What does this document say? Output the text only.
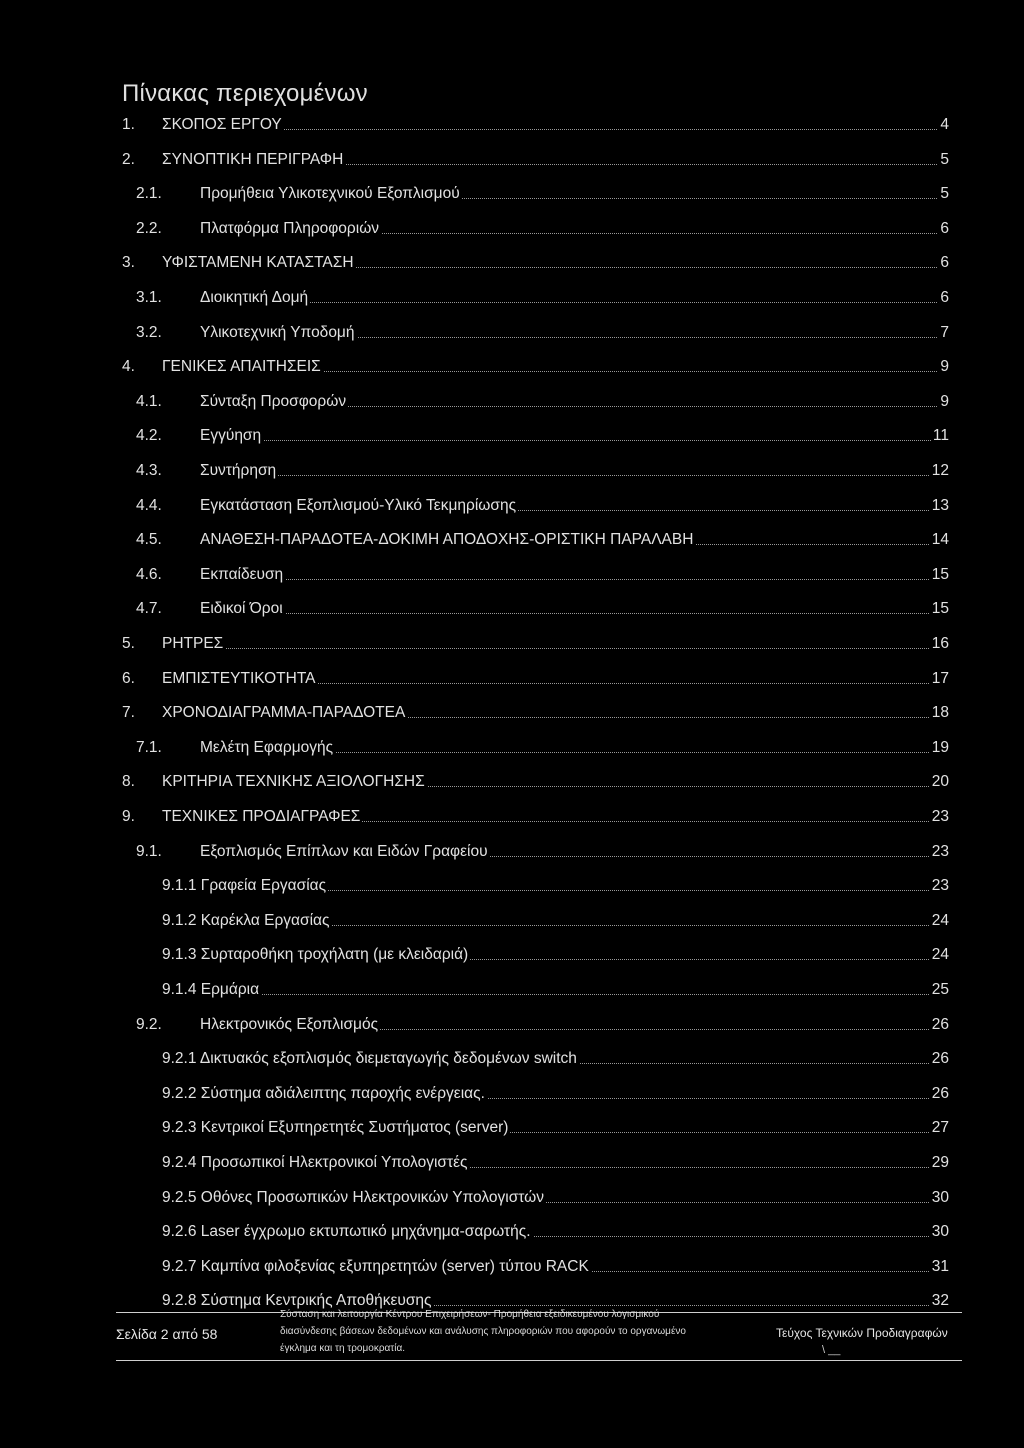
Πίνακας περιεχομένων
1. ΣΚΟΠΟΣ ΕΡΓΟΥ	4
2. ΣΥΝΟΠΤΙΚΗ ΠΕΡΙΓΡΑΦΗ	5
2.1. Προμήθεια Υλικοτεχνικού Εξοπλισμού	5
2.2. Πλατφόρμα Πληροφοριών	6
3. ΥΦΙΣΤΑΜΕΝΗ ΚΑΤΑΣΤΑΣΗ	6
3.1. Διοικητική Δομή	6
3.2. Υλικοτεχνική Υποδομή	7
4. ΓΕΝΙΚΕΣ ΑΠΑΙΤΗΣΕΙΣ	9
4.1. Σύνταξη Προσφορών	9
4.2. Εγγύηση	11
4.3. Συντήρηση	12
4.4. Εγκατάσταση Εξοπλισμού-Υλικό Τεκμηρίωσης	13
4.5. ΑΝΑΘΕΣΗ-ΠΑΡΑΔΟΤΕΑ-ΔΟΚΙΜΗ ΑΠΟΔΟΧΗΣ-ΟΡΙΣΤΙΚΗ ΠΑΡΑΛΑΒΗ	14
4.6. Εκπαίδευση	15
4.7. Ειδικοί Όροι	15
5. ΡΗΤΡΕΣ	16
6. ΕΜΠΙΣΤΕΥΤΙΚΟΤΗΤΑ	17
7. ΧΡΟΝΟΔΙΑΓΡΑΜΜΑ-ΠΑΡΑΔΟΤΕΑ	18
7.1. Μελέτη Εφαρμογής	19
8. ΚΡΙΤΗΡΙΑ ΤΕΧΝΙΚΗΣ ΑΞΙΟΛΟΓΗΣΗΣ	20
9. ΤΕΧΝΙΚΕΣ ΠΡΟΔΙΑΓΡΑΦΕΣ	23
9.1. Εξοπλισμός Επίπλων και Ειδών Γραφείου	23
9.1.1 Γραφεία Εργασίας	23
9.1.2 Καρέκλα Εργασίας	24
9.1.3 Συρταροθήκη τροχήλατη (με κλειδαριά)	24
9.1.4 Ερμάρια	25
9.2. Ηλεκτρονικός Εξοπλισμός	26
9.2.1 Δικτυακός εξοπλισμός διεμεταγωγής δεδομένων switch	26
9.2.2 Σύστημα αδιάλειπτης παροχής ενέργειας.	26
9.2.3 Κεντρικοί Εξυπηρετητές Συστήματος (server)	27
9.2.4 Προσωπικοί Ηλεκτρονικοί Υπολογιστές	29
9.2.5 Οθόνες Προσωπικών Ηλεκτρονικών Υπολογιστών	30
9.2.6 Laser έγχρωμο εκτυπωτικό μηχάνημα-σαρωτής.	30
9.2.7 Καμπίνα φιλοξενίας εξυπηρετητών (server) τύπου RACK	31
9.2.8 Σύστημα Κεντρικής Αποθήκευσης	32
Σελίδα 2 από 58
Σύσταση και λειτουργία Κέντρου Επιχειρήσεων- Προμήθεια εξειδικευμένου λογισμικού
διασύνδεσης βάσεων δεδομένων και ανάλυσης πληροφοριών που αφορούν το οργανωμένο
έγκλημα και τη τρομοκρατία.
Τεύχος Τεχνικών Προδιαγραφών
\ __
